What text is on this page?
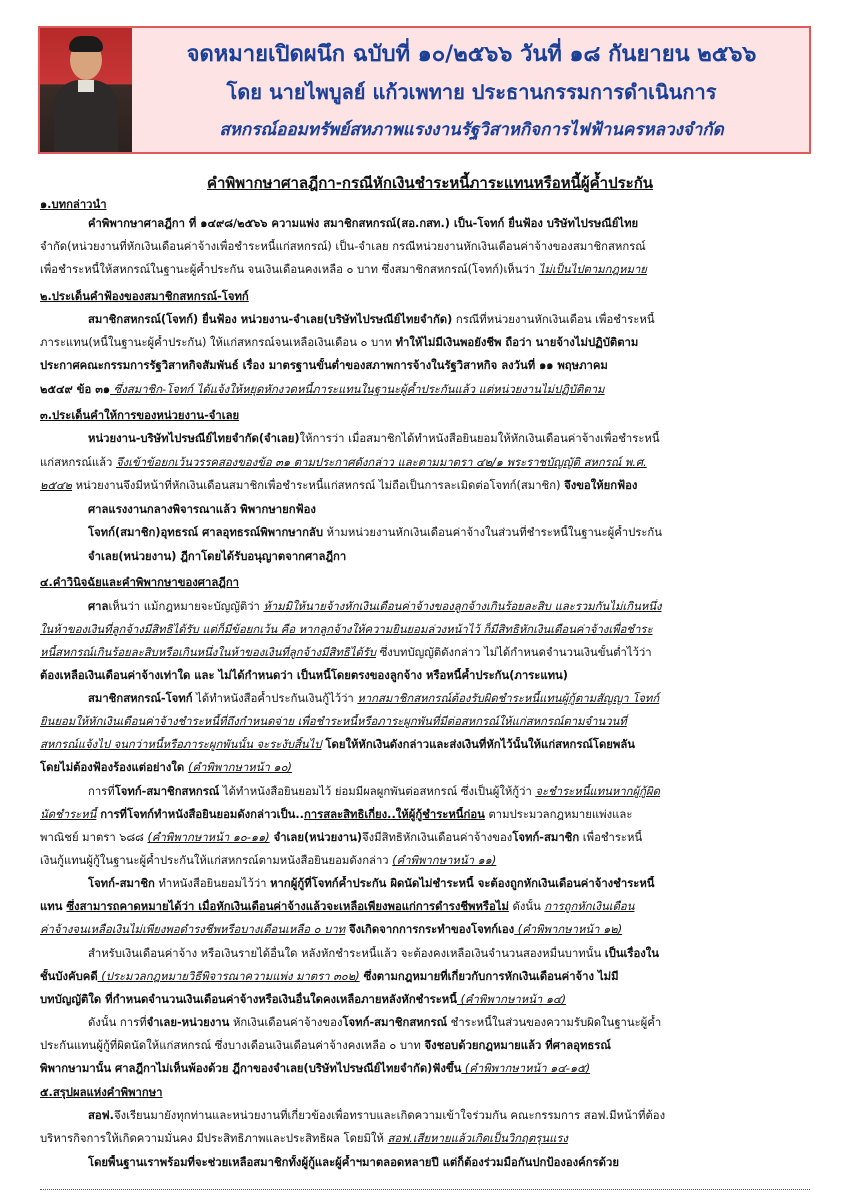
จดหมายเปิดผนึก ฉบับที่ ๑๐/๒๕๖๖ วันที่ ๑๘ กันยายน ๒๕๖๖
โดย นายไพบูลย์ แก้วเพทาย ประธานกรรมการดำเนินการ
สหกรณ์ออมทรัพย์สหภาพแรงงานรัฐวิสาหกิจการไฟฟ้านครหลวงจำกัด
คำพิพากษาศาลฎีกา-กรณีหักเงินชำระหนี้ภาระแทนหรือหนี้ผู้ค้ำประกัน
๑.บทกล่าวนำ
คำพิพากษาศาลฎีกา ที่ ๑๔๙๘/๒๕๖๖ ความแพ่ง สมาชิกสหกรณ์(สอ.กสท.) เป็น-โจทก์ ยื่นฟ้อง บริษัทไปรษณีย์ไทย
จำกัด(หน่วยงานที่หักเงินเดือนค่าจ้างเพื่อชำระหนี้แก่สหกรณ์) เป็น-จำเลย กรณีหน่วยงานหักเงินเดือนค่าจ้างของสมาชิกสหกรณ์
เพื่อชำระหนี้ให้สหกรณ์ในฐานะผู้ค้ำประกัน จนเงินเดือนคงเหลือ ๐ บาท ซึ่งสมาชิกสหกรณ์(โจทก์)เห็นว่า ไม่เป็นไปตามกฎหมาย
๒.ประเด็นคำฟ้องของสมาชิกสหกรณ์-โจทก์
สมาชิกสหกรณ์(โจทก์) ยื่นฟ้อง หน่วยงาน-จำเลย(บริษัทไปรษณีย์ไทยจำกัด) กรณีที่หน่วยงานหักเงินเดือน เพื่อชำระหนี้
ภาระแทน(หนี้ในฐานะผู้ค้ำประกัน) ให้แก่สหกรณ์จนเหลือเงินเดือน ๐ บาท ทำให้ไม่มีเงินพอยังชีพ ถือว่า นายจ้างไม่ปฏิบัติตาม
ประกาศคณะกรรมการรัฐวิสาหกิจสัมพันธ์ เรื่อง มาตรฐานขั้นต่ำของสภาพการจ้างในรัฐวิสาหกิจ ลงวันที่ ๑๑ พฤษภาคม
๒๕๔๙ ข้อ ๓๑ ซึ่งสมาชิก-โจทก์ ได้แจ้งให้หยุดหักงวดหนี้ภาระแทนในฐานะผู้ค้ำประกันแล้ว แต่หน่วยงานไม่ปฏิบัติตาม
๓.ประเด็นคำให้การของหน่วยงาน-จำเลย
หน่วยงาน-บริษัทไปรษณีย์ไทยจำกัด(จำเลย)ให้การว่า เมื่อสมาชิกได้ทำหนังสือยินยอมให้หักเงินเดือนค่าจ้างเพื่อชำระหนี้
แก่สหกรณ์แล้ว จึงเข้าข้อยกเว้นวรรคสองของข้อ ๓๑ ตามประกาศดังกล่าว และตามมาตรา ๔๒/๑ พระราชบัญญัติ สหกรณ์ พ.ศ.
๒๕๔๒ หน่วยงานจึงมีหน้าที่หักเงินเดือนสมาชิกเพื่อชำระหนี้แก่สหกรณ์ ไม่ถือเป็นการละเมิดต่อโจทก์(สมาชิก) จึงขอให้ยกฟ้อง
ศาลแรงงานกลางพิจารณาแล้ว พิพากษายกฟ้อง
โจทก์(สมาชิก)อุทธรณ์ ศาลอุทธรณ์พิพากษากลับ ห้ามหน่วยงานหักเงินเดือนค่าจ้างในส่วนที่ชำระหนี้ในฐานะผู้ค้ำประกัน
จำเลย(หน่วยงาน) ฎีกาโดยได้รับอนุญาตจากศาลฎีกา
๔.คำวินิจฉัยและคำพิพากษาของศาลฎีกา
ศาลเห็นว่า แม้กฎหมายจะบัญญัติว่า ห้ามมิให้นายจ้างหักเงินเดือนค่าจ้างของลูกจ้างเกินร้อยละสิบ และรวมกันไม่เกินหนึ่ง
ในห้าของเงินที่ลูกจ้างมีสิทธิได้รับ แต่ก็มีข้อยกเว้น คือ หากลูกจ้างให้ความยินยอมล่วงหน้าไว้ ก็มีสิทธิหักเงินเดือนค่าจ้างเพื่อชำระ
หนี้สหกรณ์เกินร้อยละสิบหรือเกินหนึ่งในห้าของเงินที่ลูกจ้างมีสิทธิได้รับ ซึ่งบทบัญญัติดังกล่าว ไม่ได้กำหนดจำนวนเงินขั้นต่ำไว้ว่า
ต้องเหลือเงินเดือนค่าจ้างเท่าใด และ ไม่ได้กำหนดว่า เป็นหนี้โดยตรงของลูกจ้าง หรือหนี้ค้ำประกัน(ภาระแทน)
สมาชิกสหกรณ์-โจทก์ ได้ทำหนังสือค้ำประกันเงินกู้ไว้ว่า หากสมาชิกสหกรณ์ต้องรับผิดชำระหนี้แทนผู้กู้ตามสัญญา โจทก์
ยินยอมให้หักเงินเดือนค่าจ้างชำระหนี้ที่ถึงกำหนดจ่าย เพื่อชำระหนี้หรือภาระผูกพันที่มีต่อสหกรณ์ให้แก่สหกรณ์ตามจำนวนที่
สหกรณ์แจ้งไป จนกว่าหนี้หรือภาระผูกพันนั้น จะระงับสิ้นไป โดยให้หักเงินดังกล่าวและส่งเงินที่หักไว้นั้นให้แก่สหกรณ์โดยพลัน
โดยไม่ต้องฟ้องร้องแต่อย่างใด (คำพิพากษาหน้า ๑๐)
การที่โจทก์-สมาชิกสหกรณ์ ได้ทำหนังสือยินยอมไว้ ย่อมมีผลผูกพันต่อสหกรณ์ ซึ่งเป็นผู้ให้กู้ว่า จะชำระหนี้แทนหากผู้กู้ผิด
นัดชำระหนี้ การที่โจทก์ทำหนังสือยินยอมดังกล่าวเป็น..การสละสิทธิเกี่ยง..ให้ผู้กู้ชำระหนี้ก่อน ตามประมวลกฎหมายแพ่งและ
พาณิชย์ มาตรา ๖๘๘ (คำพิพากษาหน้า ๑๐-๑๑) จำเลย(หน่วยงาน)จึงมีสิทธิหักเงินเดือนค่าจ้างของโจทก์-สมาชิก เพื่อชำระหนี้
เงินกู้แทนผู้กู้ในฐานะผู้ค้ำประกันให้แก่สหกรณ์ตามหนังสือยินยอมดังกล่าว (คำพิพากษาหน้า ๑๑)
โจทก์-สมาชิก ทำหนังสือยินยอมไว้ว่า หากผู้กู้ที่โจทก์ค้ำประกัน ผิดนัดไม่ชำระหนี้ จะต้องถูกหักเงินเดือนค่าจ้างชำระหนี้
แทน ซึ่งสามารถคาดหมายได้ว่า เมื่อหักเงินเดือนค่าจ้างแล้วจะเหลือเพียงพอแก่การดำรงชีพหรือไม่ ดังนั้น การถูกหักเงินเดือน
ค่าจ้างจนเหลือเงินไม่เพียงพอดำรงชีพหรือบางเดือนเหลือ ๐ บาท จึงเกิดจากการกระทำของโจทก์เอง (คำพิพากษาหน้า ๑๒)
สำหรับเงินเดือนค่าจ้าง หรือเงินรายได้อื่นใด หลังหักชำระหนี้แล้ว จะต้องคงเหลือเงินจำนวนสองหมื่นบาทนั้น เป็นเรื่องใน
ชั้นบังคับคดี (ประมวลกฎหมายวิธีพิจารณาความแพ่ง มาตรา ๓๐๒) ซึ่งตามกฎหมายที่เกี่ยวกับการหักเงินเดือนค่าจ้าง ไม่มี
บทบัญญัติใด ที่กำหนดจำนวนเงินเดือนค่าจ้างหรือเงินอื่นใดคงเหลือภายหลังหักชำระหนี้ (คำพิพากษาหน้า ๑๔)
ดังนั้น การที่จำเลย-หน่วยงาน หักเงินเดือนค่าจ้างของโจทก์-สมาชิกสหกรณ์ ชำระหนี้ในส่วนของความรับผิดในฐานะผู้ค้ำ
ประกันแทนผู้กู้ที่ผิดนัดให้แก่สหกรณ์ ซึ่งบางเดือนเงินเดือนค่าจ้างคงเหลือ ๐ บาท จึงชอบด้วยกฎหมายแล้ว ที่ศาลอุทธรณ์
พิพากษามานั้น ศาลฎีกาไม่เห็นพ้องด้วย ฎีกาของจำเลย(บริษัทไปรษณีย์ไทยจำกัด)ฟังขึ้น (คำพิพากษาหน้า ๑๔-๑๕)
๕.สรุปผลแห่งคำพิพากษา
สอฟ.จึงเรียนมายังทุกท่านและหน่วยงานที่เกี่ยวข้องเพื่อทราบและเกิดความเข้าใจร่วมกัน คณะกรรมการ สอฟ.มีหน้าที่ต้อง
บริหารกิจการให้เกิดความมั่นคง มีประสิทธิภาพและประสิทธิผล โดยมิให้ สอฟ.เสียหายแล้วเกิดเป็นวิกฤตรุนแรง
โดยพื้นฐานเราพร้อมที่จะช่วยเหลือสมาชิกทั้งผู้กู้และผู้ค้ำฯมาตลอดหลายปี แต่ก็ต้องร่วมมือกันปกป้ององค์กรด้วย
